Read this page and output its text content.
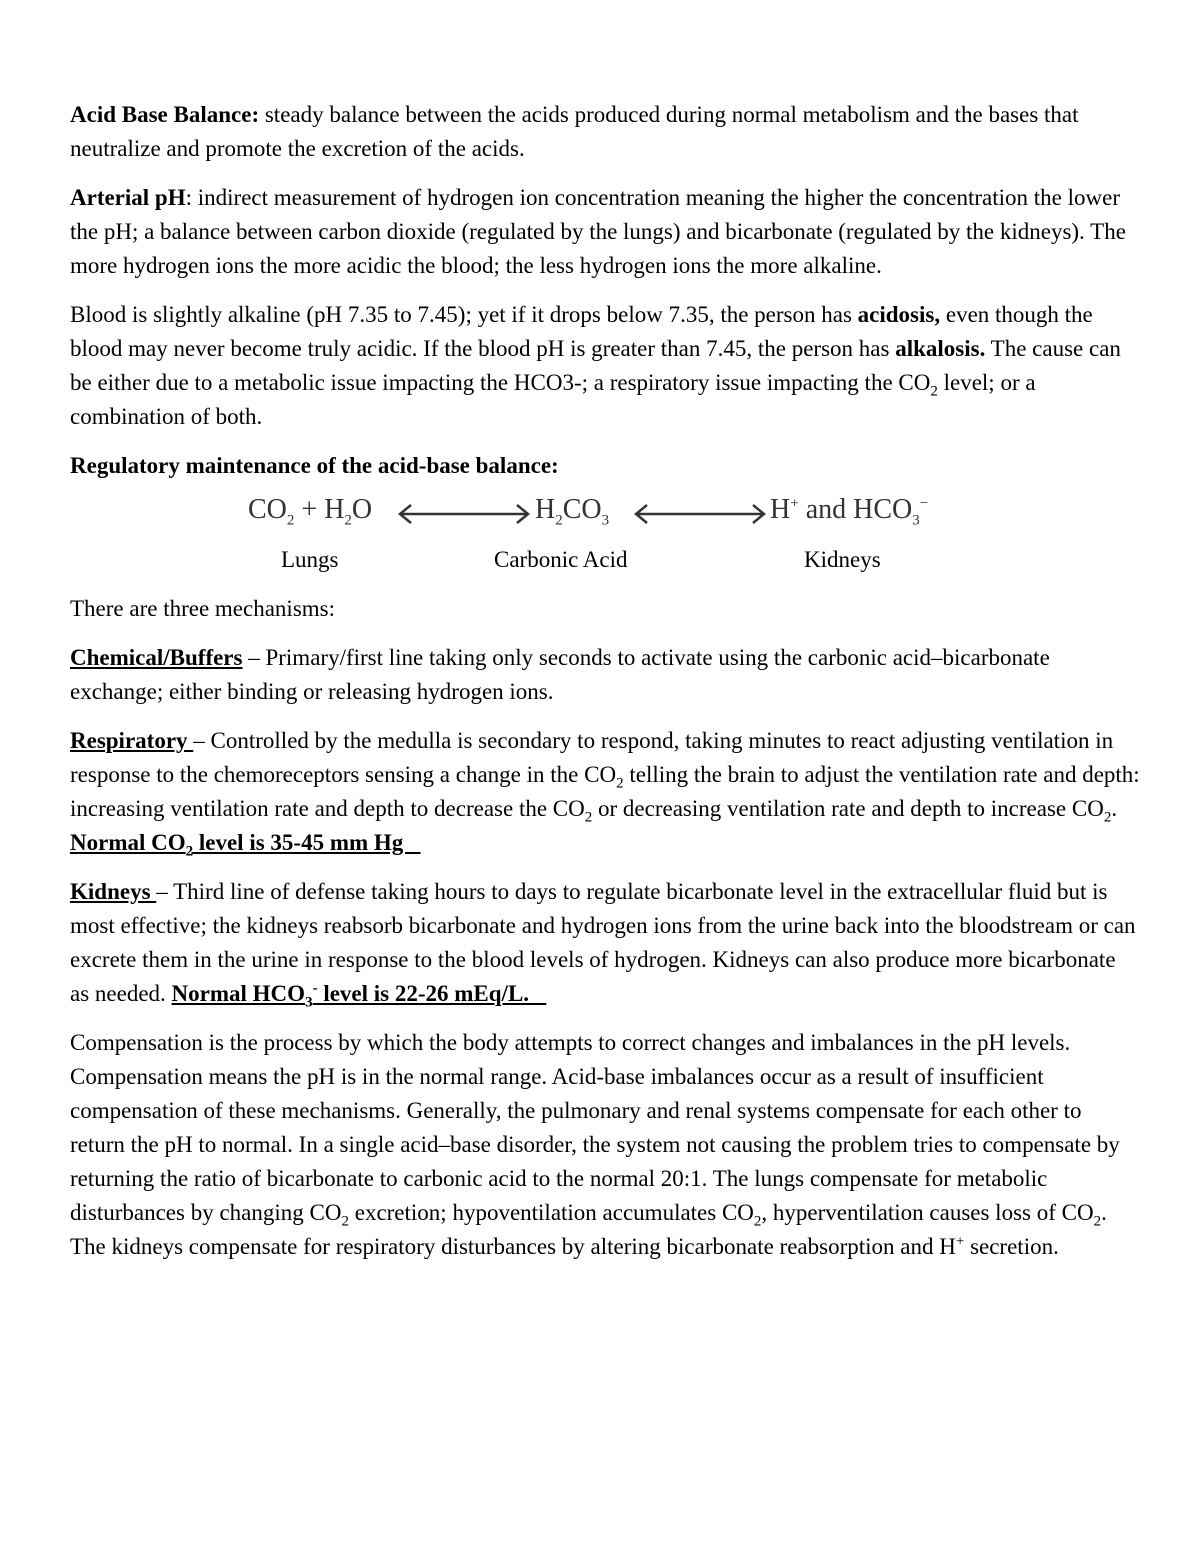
Acid Base Balance: steady balance between the acids produced during normal metabolism and the bases that neutralize and promote the excretion of the acids.

Arterial pH: indirect measurement of hydrogen ion concentration meaning the higher the concentration the lower the pH; a balance between carbon dioxide (regulated by the lungs) and bicarbonate (regulated by the kidneys). The more hydrogen ions the more acidic the blood; the less hydrogen ions the more alkaline.

Blood is slightly alkaline (pH 7.35 to 7.45); yet if it drops below 7.35, the person has acidosis, even though the blood may never become truly acidic. If the blood pH is greater than 7.45, the person has alkalosis. The cause can be either due to a metabolic issue impacting the HCO3-; a respiratory issue impacting the $CO_2$ level; or a combination of both.

Regulatory maintenance of the acid-base balance:

$CO_2 + H_2O$	$H_2CO_3$	H+ and $HCO_3^-$
Lungs	Carbonic Acid	Kidneys

There are three mechanisms:

Chemical/Buffers – Primary/first line taking only seconds to activate using the carbonic acid–bicarbonate exchange; either binding or releasing hydrogen ions.

Respiratory – Controlled by the medulla is secondary to respond, taking minutes to react adjusting ventilation in response to the chemoreceptors sensing a change in the $CO_2$ telling the brain to adjust the ventilation rate and depth: increasing ventilation rate and depth to decrease the $CO_2$ or decreasing ventilation rate and depth to increase $CO_2$. Normal $CO_2$ level is 35-45 mm Hg

Kidneys – Third line of defense taking hours to days to regulate bicarbonate level in the extracellular fluid but is most effective; the kidneys reabsorb bicarbonate and hydrogen ions from the urine back into the bloodstream or can excrete them in the urine in response to the blood levels of hydrogen. Kidneys can also produce more bicarbonate as needed. Normal $HCO_3^-$ level is 22-26 mEq/L.

Compensation is the process by which the body attempts to correct changes and imbalances in the pH levels. Compensation means the pH is in the normal range. Acid-base imbalances occur as a result of insufficient compensation of these mechanisms. Generally, the pulmonary and renal systems compensate for each other to return the pH to normal. In a single acid–base disorder, the system not causing the problem tries to compensate by returning the ratio of bicarbonate to carbonic acid to the normal 20:1. The lungs compensate for metabolic disturbances by changing $CO_2$ excretion; hypoventilation accumulates $CO_2$, hyperventilation causes loss of $CO_2$. The kidneys compensate for respiratory disturbances by altering bicarbonate reabsorption and H+ secretion.
